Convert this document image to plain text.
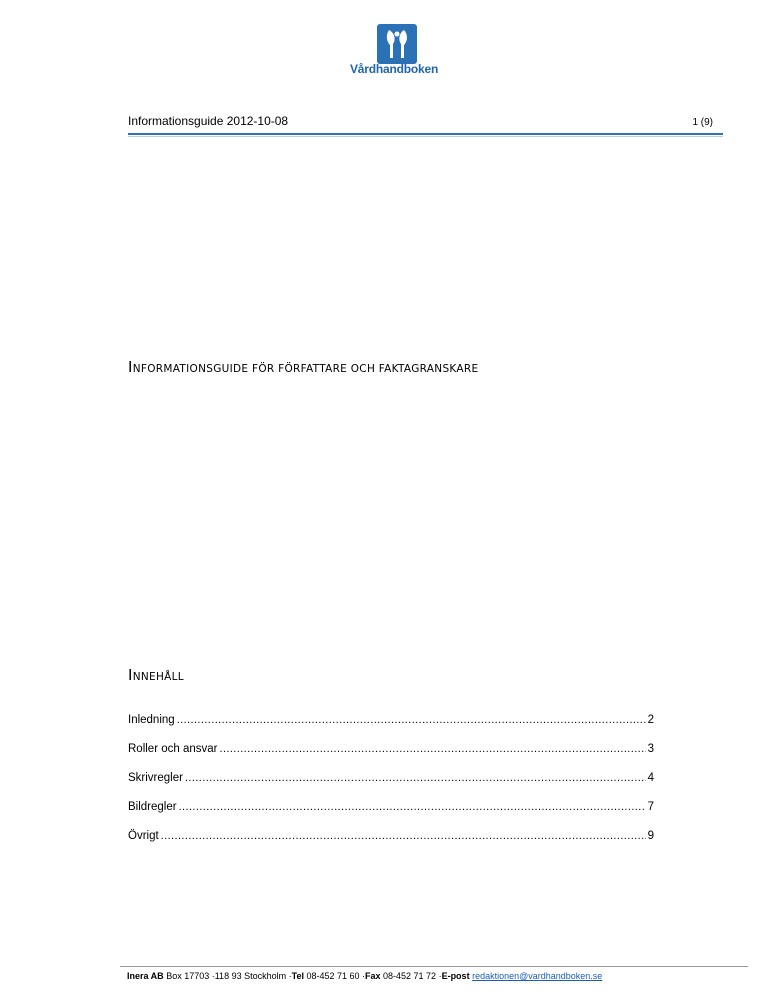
Vårdhandboken
Informationsguide 2012-10-08	1 (9)
INFORMATIONSGUIDE FÖR FÖRFATTARE OCH FAKTAGRANSKARE
INNEHÅLL
Inledning .....	2
Roller och ansvar .....	3
Skrivregler .....	4
Bildregler .....	7
Övrigt .....	9
Inera AB Box 17703 ·118 93 Stockholm ·Tel 08-452 71 60 ·Fax 08-452 71 72 ·E-post redaktionen@vardhandboken.se
